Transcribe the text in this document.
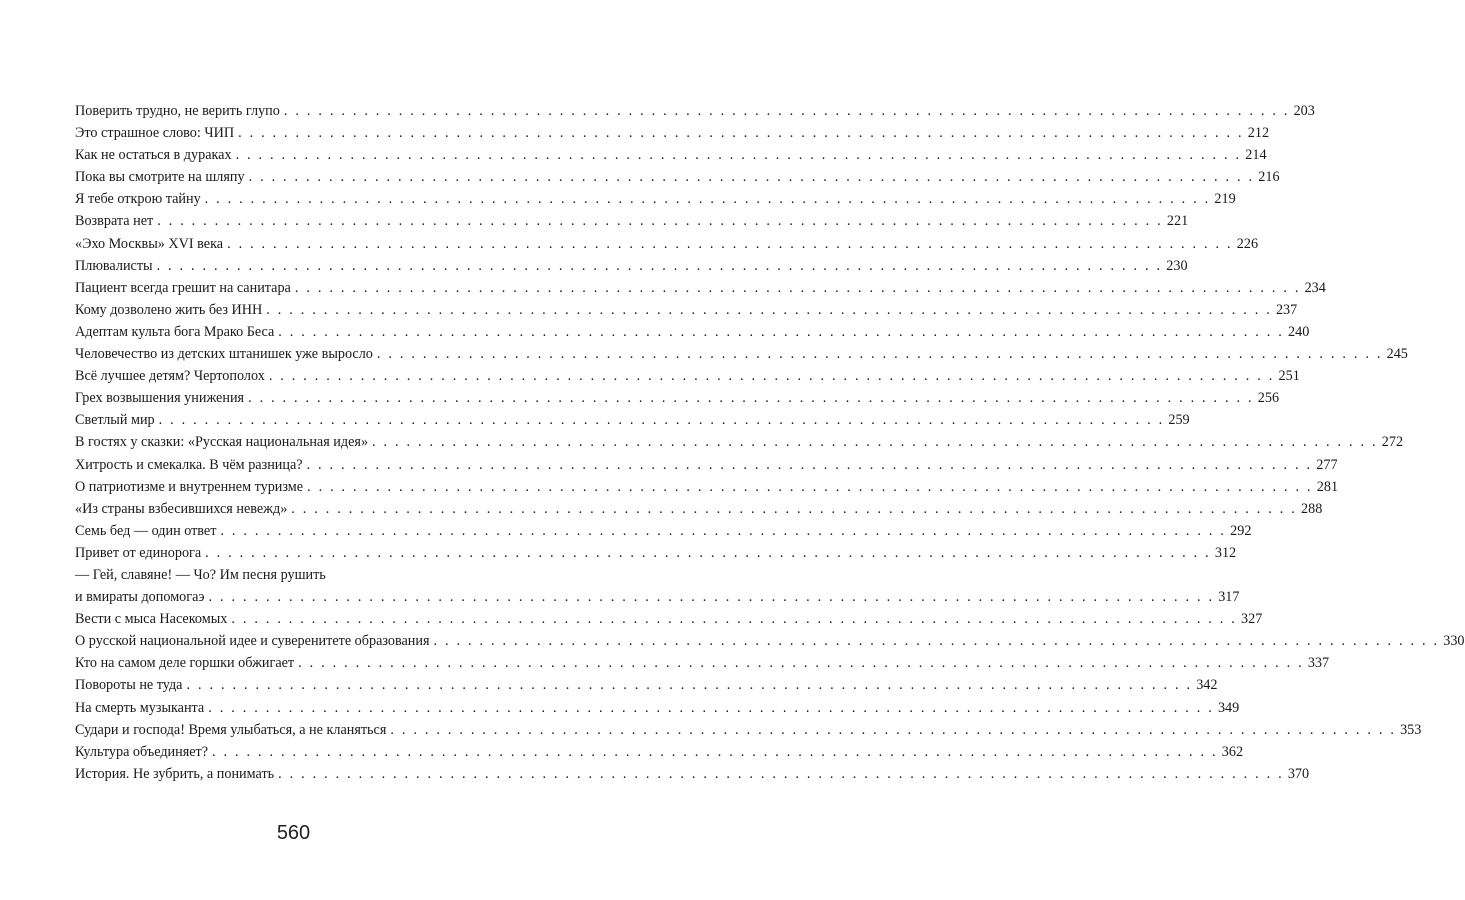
Поверить трудно, не верить глупо . . .	203
Это страшное слово: ЧИП . . .	212
Как не остаться в дураках . . .	214
Пока вы смотрите на шляпу . . .	216
Я тебе открою тайну . . .	219
Возврата нет . . .	221
«Эхо Москвы» XVI века . . .	226
Плювалисты . . .	230
Пациент всегда грешит на санитара . . .	234
Кому дозволено жить без ИНН . . .	237
Адептам культа бога Мрако Беса . . .	240
Человечество из детских штанишек уже выросло . . .	245
Всё лучшее детям? Чертополох . . .	251
Грех возвышения унижения . . .	256
Светлый мир . . .	259
В гостях у сказки: «Русская национальная идея» . . .	272
Хитрость и смекалка. В чём разница? . . .	277
О патриотизме и внутреннем туризме . . .	281
«Из страны взбесившихся невежд» . . .	288
Семь бед — один ответ . . .	292
Привет от единорога . . .	312
— Гей, славяне! — Чо? Им песня рушить
и вмираты допомогаэ . . .	317
Вести с мыса Насекомых . . .	327
О русской национальной идее и суверенитете образования . . .	330
Кто на самом деле горшки обжигает . . .	337
Повороты не туда . . .	342
На смерть музыканта . . .	349
Судари и господа! Время улыбаться, а не кланяться . . .	353
Культура объединяет? . . .	362
История. Не зубрить, а понимать . . .	370
560
